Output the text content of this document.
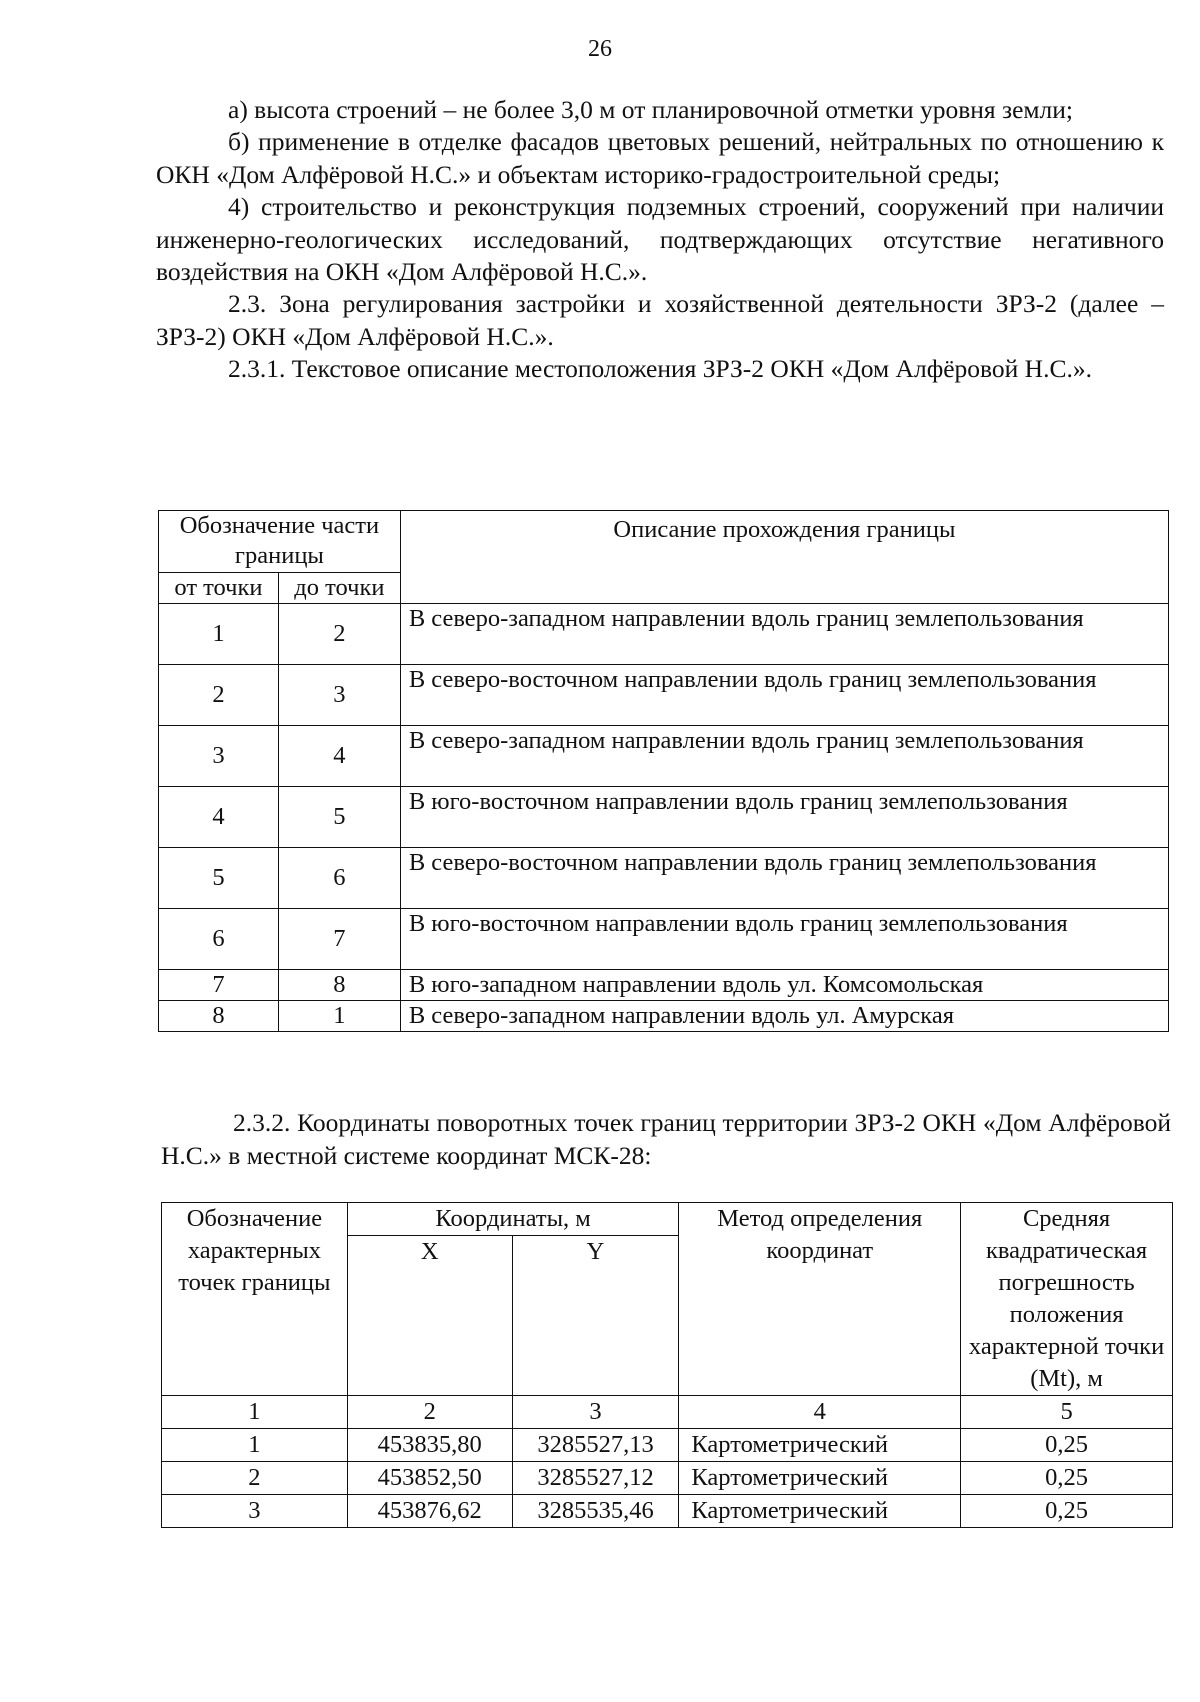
26

а) высота строений – не более 3,0 м от планировочной отметки уровня земли;

б) применение в отделке фасадов цветовых решений, нейтральных по отношению к ОКН «Дом Алфёровой Н.С.» и объектам историко-градостроительной среды;

4) строительство и реконструкция подземных строений, сооружений при наличии инженерно-геологических исследований, подтверждающих отсутствие негативного воздействия на ОКН «Дом Алфёровой Н.С.».

2.3. Зона регулирования застройки и хозяйственной деятельности ЗРЗ-2 (далее – ЗРЗ-2) ОКН «Дом Алфёровой Н.С.».

2.3.1. Текстовое описание местоположения ЗРЗ-2 ОКН «Дом Алфёровой Н.С.».

Обозначение части границы		Описание прохождения границы
от точки	до точки	
1	2	В северо-западном направлении вдоль границ землепользования
2	3	В северо-восточном направлении вдоль границ землепользования
3	4	В северо-западном направлении вдоль границ землепользования
4	5	В юго-восточном направлении вдоль границ землепользования
5	6	В северо-восточном направлении вдоль границ землепользования
6	7	В юго-восточном направлении вдоль границ землепользования
7	8	В юго-западном направлении вдоль ул. Комсомольская
8	1	В северо-западном направлении вдоль ул. Амурская

2.3.2. Координаты поворотных точек границ территории ЗРЗ-2 ОКН «Дом Алфёровой Н.С.» в местной системе координат МСК-28:

Обозначение характерных точек границы	Координаты, м		Метод определения координат	Средняя квадратическая погрешность положения характерной точки (Mt), м
	X	Y		
1	2	3	4	5
1	453835,80	3285527,13	Картометрический	0,25
2	453852,50	3285527,12	Картометрический	0,25
3	453876,62	3285535,46	Картометрический	0,25
